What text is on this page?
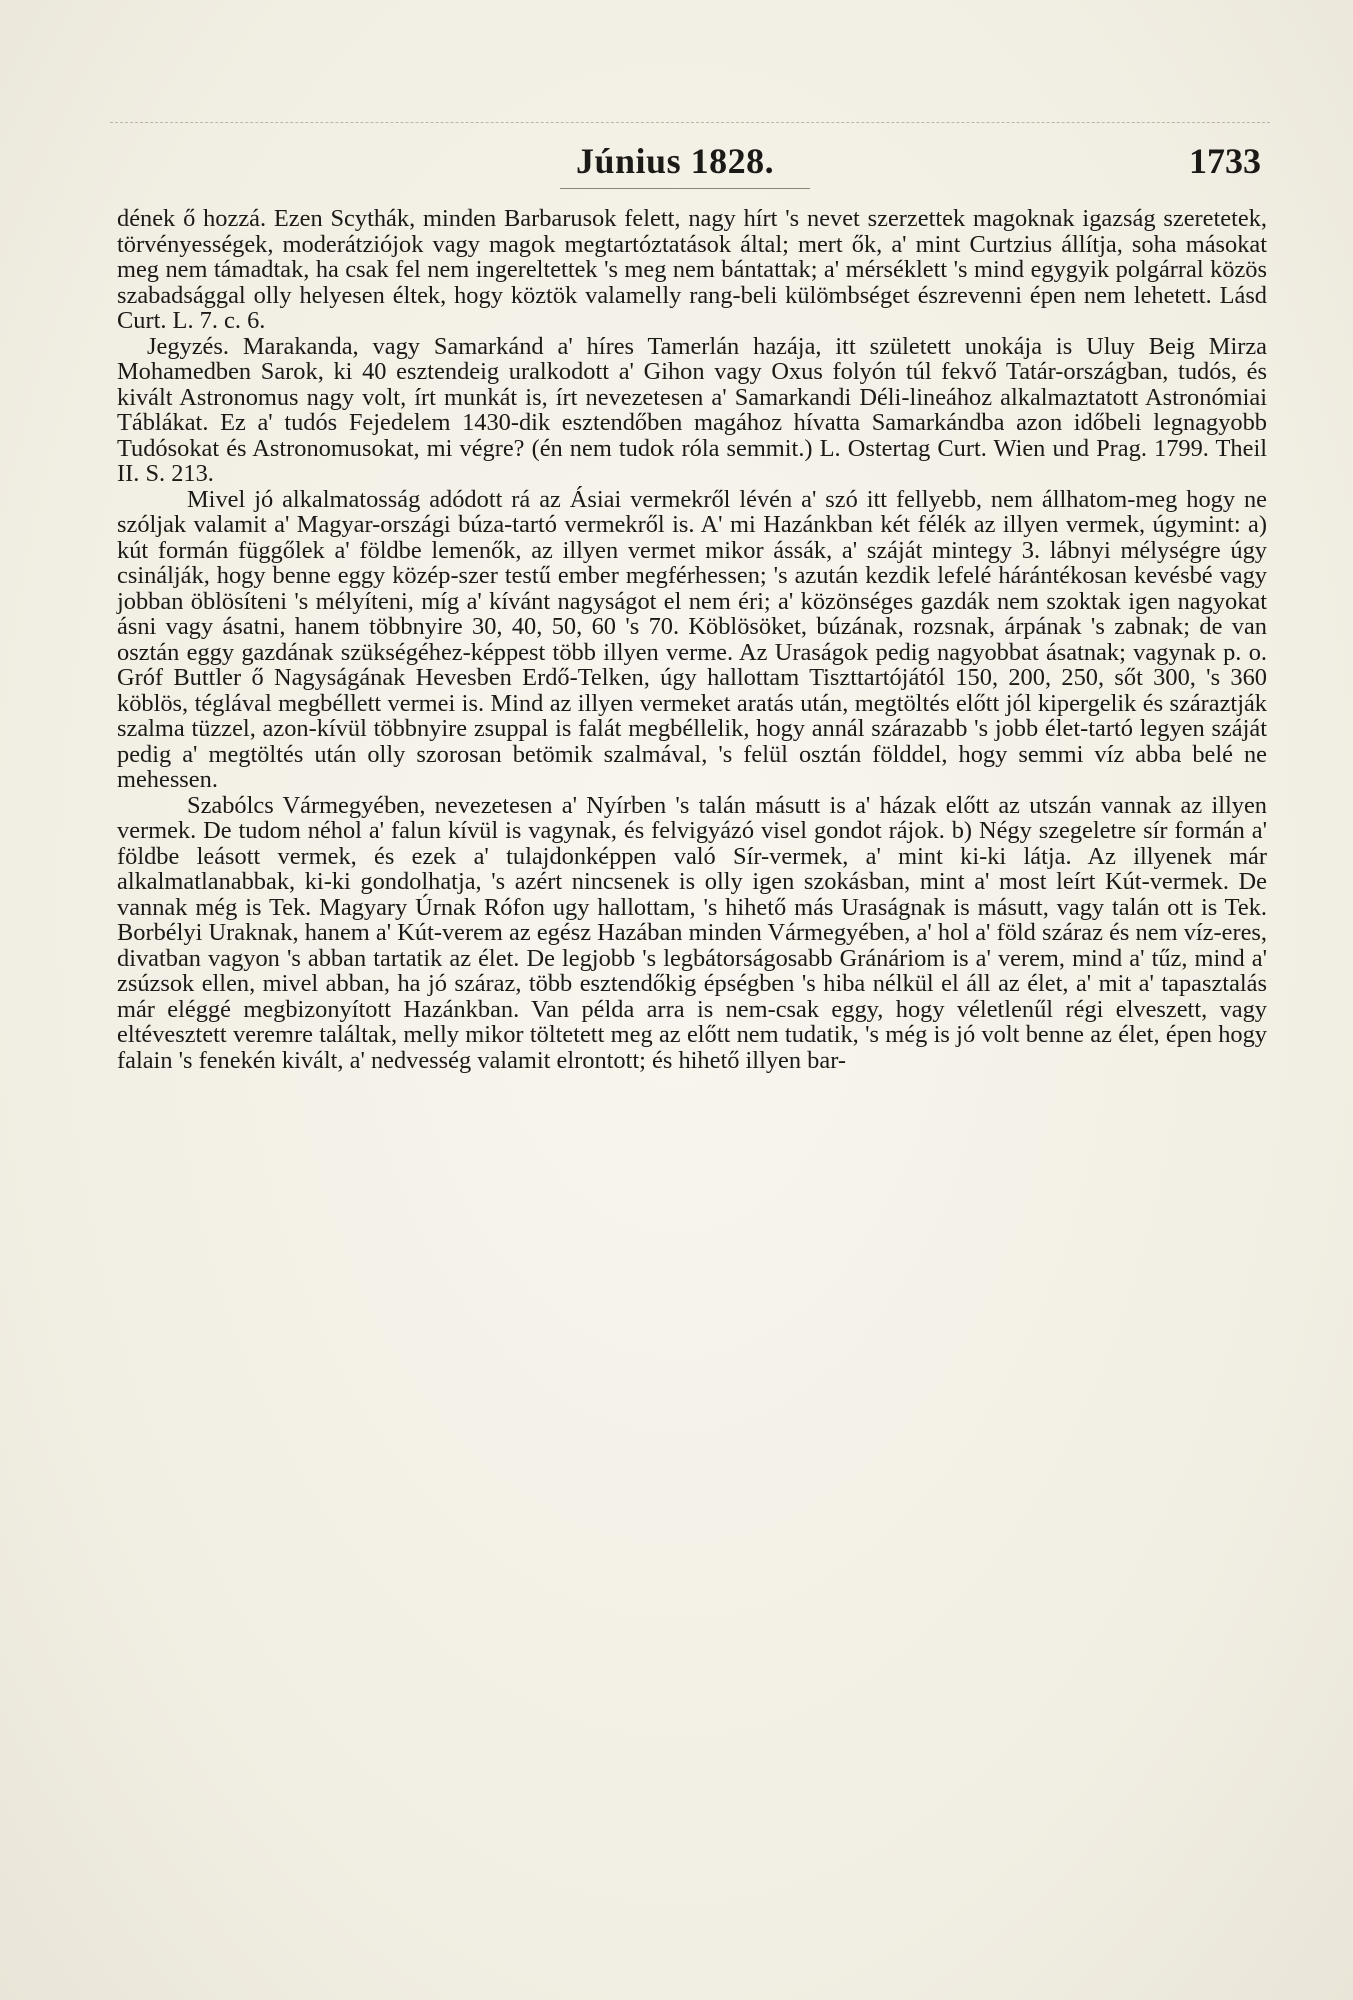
Június 1828.	1733

dének ő hozzá. Ezen Scythák, minden Barbarusok felett, nagy hírt 's nevet szerzettek magoknak igazság szeretetek, törvényességek, moderátziójok vagy magok megtartóztatások által; mert ők, a' mint Curtzius állítja, soha másokat meg nem támadtak, ha csak fel nem ingereltettek 's meg nem bántattak; a' mérséklett 's mind egygyik polgárral közös szabadsággal olly helyesen éltek, hogy köztök valamelly rang-beli külömbséget észrevenni épen nem lehetett. Lásd Curt. L. 7. c. 6.

Jegyzés. Marakanda, vagy Samarkánd a' híres Tamerlán hazája, itt született unokája is Uluy Beig Mirza Mohamedben Sarok, ki 40 esztendeig uralkodott a' Gihon vagy Oxus folyón túl fekvő Tatár-országban, tudós, és kivált Astronomus nagy volt, írt munkát is, írt nevezetesen a' Samarkandi Déli-lineához alkalmaztatott Astronómiai Táblákat. Ez a' tudós Fejedelem 1430-dik esztendőben magához hívatta Samarkándba azon időbeli legnagyobb Tudósokat és Astronomusokat, mi végre? (én nem tudok róla semmit.) L. Ostertag Curt. Wien und Prag. 1799. Theil II. S. 213.

Mivel jó alkalmatosság adódott rá az Ásiai vermekről lévén a' szó itt fellyebb, nem állhatom-meg hogy ne szóljak valamit a' Magyar-országi búza-tartó vermekről is. A' mi Hazánkban két félék az illyen vermek, úgymint: a) kút formán függőlek a' földbe lemenők, az illyen vermet mikor ássák, a' száját mintegy 3. lábnyi mélységre úgy csinálják, hogy benne eggy közép-szer testű ember megférhessen; 's azután kezdik lefelé hárántékosan kevésbé vagy jobban öblösíteni 's mélyíteni, míg a' kívánt nagyságot el nem éri; a' közönséges gazdák nem szoktak igen nagyokat ásni vagy ásatni, hanem többnyire 30, 40, 50, 60 's 70. Köblösöket, búzának, rozsnak, árpának 's zabnak; de van osztán eggy gazdának szükségéhez-képpest több illyen verme. Az Uraságok pedig nagyobbat ásatnak; vagynak p. o. Gróf Buttler ő Nagyságának Hevesben Erdő-Telken, úgy hallottam Tiszttartójától 150, 200, 250, sőt 300, 's 360 köblös, téglával megbéllett vermei is. Mind az illyen vermeket aratás után, megtöltés előtt jól kipergelik és száraztják szalma tüzzel, azon-kívül többnyire zsuppal is falát megbéllelik, hogy annál szárazabb 's jobb élet-tartó legyen száját pedig a' megtöltés után olly szorosan betömik szalmával, 's felül osztán földdel, hogy semmi víz abba belé ne mehessen.

Szabólcs Vármegyében, nevezetesen a' Nyírben 's talán másutt is a' házak előtt az utszán vannak az illyen vermek. De tudom néhol a' falun kívül is vagynak, és felvigyázó visel gondot rájok. b) Négy szegeletre sír formán a' földbe leásott vermek, és ezek a' tulajdonképpen való Sír-vermek, a' mint ki-ki látja. Az illyenek már alkalmatlanabbak, ki-ki gondolhatja, 's azért nincsenek is olly igen szokásban, mint a' most leírt Kút-vermek. De vannak még is Tek. Magyary Úrnak Rófon ugy hallottam, 's hihető más Uraságnak is másutt, vagy talán ott is Tek. Borbélyi Uraknak, hanem a' Kút-verem az egész Hazában minden Vármegyében, a' hol a' föld száraz és nem víz-eres, divatban vagyon 's abban tartatik az élet. De legjobb 's legbátorságosabb Gránáriom is a' verem, mind a' tűz, mind a' zsúzsok ellen, mivel abban, ha jó száraz, több esztendőkig épségben 's hiba nélkül el áll az élet, a' mit a' tapasztalás már eléggé megbizonyított Hazánkban. Van példa arra is nem-csak eggy, hogy véletlenűl régi elveszett, vagy eltévesztett veremre találtak, melly mikor töltetett meg az előtt nem tudatik, 's még is jó volt benne az élet, épen hogy falain 's fenekén kivált, a' nedvesség valamit elrontott; és hihető illyen bar-
